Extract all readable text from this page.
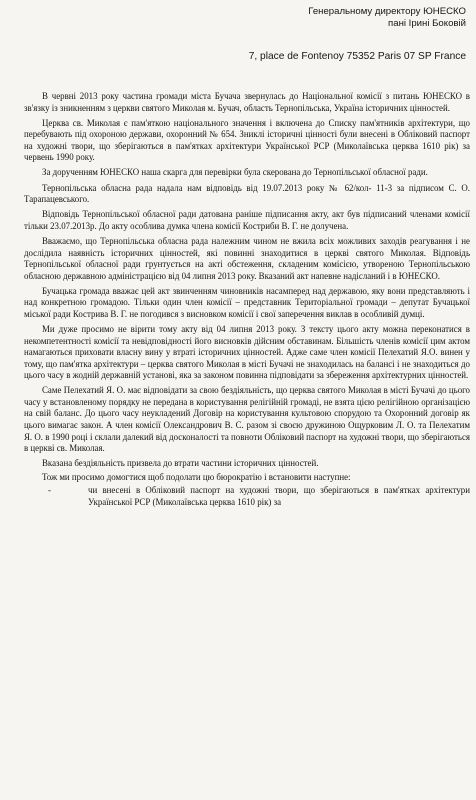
Генеральному директору ЮНЕСКО
пані Ірині Боковій
7, place de Fontenoy 75352 Paris 07 SP France

В червні 2013 року частина громади міста Бучача звернулась до Національної комісії з питань ЮНЕСКО в зв'язку із зникненням з церкви святого Миколая м. Бучач, область Тернопільська, Україна історичних цінностей.

Церква св. Миколая є пам'яткою національного значення і включена до Списку пам'ятників архітектури, що перебувають під охороною держави, охоронний № 654. Зниклі історичні цінності були внесені в Обліковий паспорт на художні твори, що зберігаються в пам'ятках архітектури Української РСР (Миколаївська церква 1610 рік) за червень 1990 року.

За дорученням ЮНЕСКО наша скарга для перевірки була скерована до Тернопільської обласної ради.

Тернопільська обласна рада надала нам відповідь від 19.07.2013 року № 62/кол- 11-3 за підписом С. О. Тарапацевського.

Відповідь Тернопільської обласної ради датована раніше підписання акту, акт був підписаний членами комісії тільки 23.07.2013р. До акту особлива думка члена комісії Костриби В. Г. не долучена.

Вважаємо, що Тернопільська обласна рада належним чином не вжила всіх можливих заходів реагування і не дослідила наявність історичних цінностей, які повинні знаходитися в церкві святого Миколая. Відповідь Тернопільської обласної ради грунтується на акті обстеження, складеним комісією, утвореною Тернопільською обласною державною адміністрацією від 04 липня 2013 року. Вказаний акт напевне надісланий і в ЮНЕСКО.

Бучацька громада вважає цей акт звинченням чиновників насамперед над державою, яку вони представляють і над конкретною громадою. Тільки один член комісії – представник Територіальної громади – депутат Бучацької міської ради Кострива В. Г. не погодився з висновком комісії і свої заперечення виклав в особливій думці.

Ми дуже просимо не вірити тому акту від 04 липня 2013 року. З тексту цього акту можна переконатися в некомпетентності комісії та невідповідності його висновків дійсним обставинам. Більшість членів комісії цим актом намагаються приховати власну вину у втраті історичних цінностей. Адже саме член комісії Пелехатий Я.О. винен у тому, що пам'ятка архітектури – церква святого Миколая в місті Бучачі не знаходилась на балансі і не знаходиться до цього часу в жодній державній установі, яка за законом повинна підповідати за збереження архітектурних цінностей.

Саме Пелехатий Я. О. має відповідати за свою бездіяльність, що церква святого Миколая в місті Бучачі до цього часу у встановленому порядку не передана в користування релігійній громаді, не взята цією релігійною організацією на свій баланс. До цього часу неукладений Договір на користування культовою спорудою та Охоронний договір як цього вимагає закон. А член комісії Олександрович В. С. разом зі своєю дружиною Ощурковим Л. О. та Пелехатим Я. О. в 1990 році і склали далекий від досконалості та повноти Обліковий паспорт на художні твори, що зберігаються в церкві св. Миколая.

Вказана бездіяльність призвела до втрати частини історичних цінностей.

Тож ми просимо домогтися щоб подолати цю бюрократію і встановити наступне:

-	чи внесені в Обліковий паспорт на художні твори, що зберігаються в пам'ятках архітектури Української РСР (Миколаївська церква 1610 рік) за
